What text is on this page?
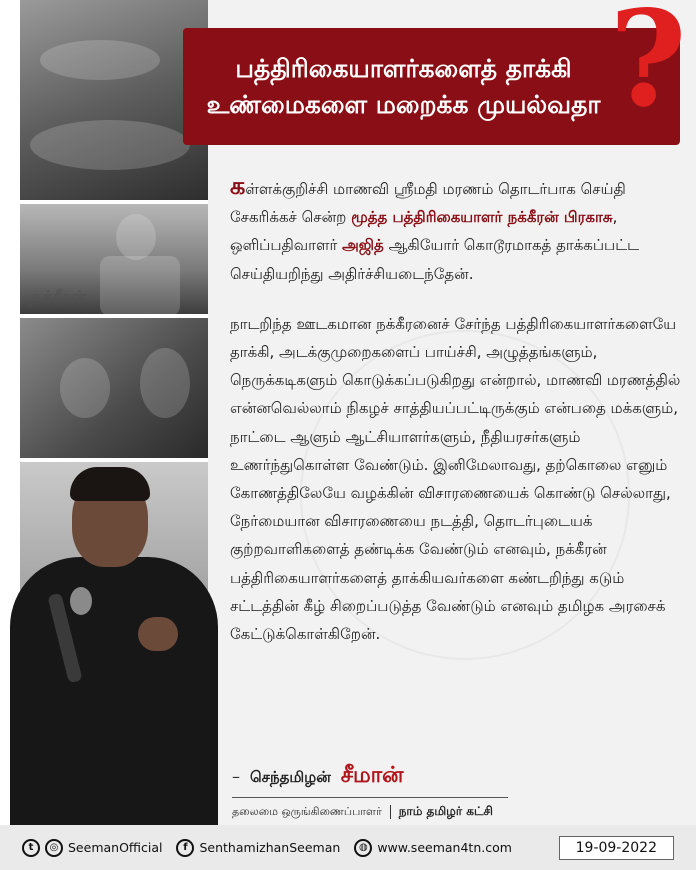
நக்கீரன்
பத்திரிகையாளர்களைத் தாக்கி
உண்மைகளை மறைக்க முயல்வதா ?

கள்ளக்குறிச்சி மாணவி ஸ்ரீமதி மரணம் தொடர்பாக செய்தி சேகரிக்கச் சென்ற மூத்த பத்திரிகையாளர் நக்கீரன் பிரகாசு, ஒளிப்பதிவாளர் அஜித் ஆகியோர் கொடூரமாகத் தாக்கப்பட்ட செய்தியறிந்து அதிர்ச்சியடைந்தேன்.

நாடறிந்த ஊடகமான நக்கீரனைச் சேர்ந்த பத்திரிகையாளர்களையே தாக்கி, அடக்குமுறைகளைப் பாய்ச்சி, அழுத்தங்களும், நெருக்கடிகளும் கொடுக்கப்படுகிறது என்றால், மாணவி மரணத்தில் என்னவெல்லாம் நிகழச் சாத்தியப்பட்டிருக்கும் என்பதை மக்களும், நாட்டை ஆளும் ஆட்சியாளர்களும், நீதியரசர்களும் உணர்ந்துகொள்ள வேண்டும். இனிமேலாவது, தற்கொலை எனும் கோணத்திலேயே வழக்கின் விசாரணையைக் கொண்டு செல்லாது, நேர்மையான விசாரணையை நடத்தி, தொடர்புடையக் குற்றவாளிகளைத் தண்டிக்க வேண்டும் எனவும், நக்கீரன் பத்திரிகையாளர்களைத் தாக்கியவர்களை கண்டறிந்து கடும் சட்டத்தின் கீழ் சிறைப்படுத்த வேண்டும் எனவும் தமிழக அரசைக் கேட்டுக்கொள்கிறேன்.

– செந்தமிழன் சீமான்
தலைமை ஒருங்கிணைப்பாளர் நாம் தமிழர் கட்சி
t	◎ SeemanOfficial	f SenthamizhanSeeman	◍ www.seeman4tn.com	19-09-2022
